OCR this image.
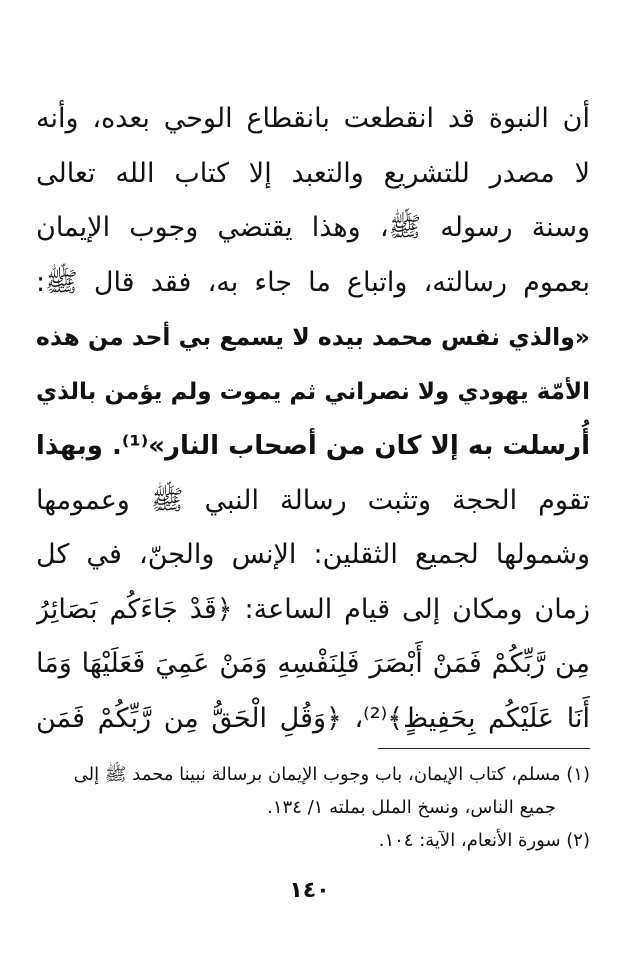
أن النبوة قد انقطعت بانقطاع الوحي بعده، وأنه
لا مصدر للتشريع والتعبد إلا كتاب الله تعالى
وسنة رسوله ﷺ، وهذا يقتضي وجوب الإيمان
بعموم رسالته، واتباع ما جاء به، فقد قال ﷺ:
«والذي نفس محمد بيده لا يسمع بي أحد من هذه
الأمّة يهودي ولا نصراني ثم يموت ولم يؤمن بالذي
أُرسلت به إلا كان من أصحاب النار»⁽¹⁾. وبهذا
تقوم الحجة وتثبت رسالة النبي ﷺ وعمومها
وشمولها لجميع الثقلين: الإنس والجنّ، في كل
زمان ومكان إلى قيام الساعة: ﴿قَدْ جَاءَكُم بَصَائِرُ
مِن رَّبِّكُمْ فَمَنْ أَبْصَرَ فَلِنَفْسِهِ وَمَنْ عَمِيَ فَعَلَيْهَا وَمَا
أَنَا عَلَيْكُم بِحَفِيظٍ﴾⁽²⁾، ﴿وَقُلِ الْحَقُّ مِن رَّبِّكُمْ فَمَن
(١) مسلم، كتاب الإيمان، باب وجوب الإيمان برسالة نبينا محمد ﷺ إلى
جميع الناس، ونسخ الملل بملته ١/ ١٣٤.
(٢) سورة الأنعام، الآية: ١٠٤.
١٤٠
